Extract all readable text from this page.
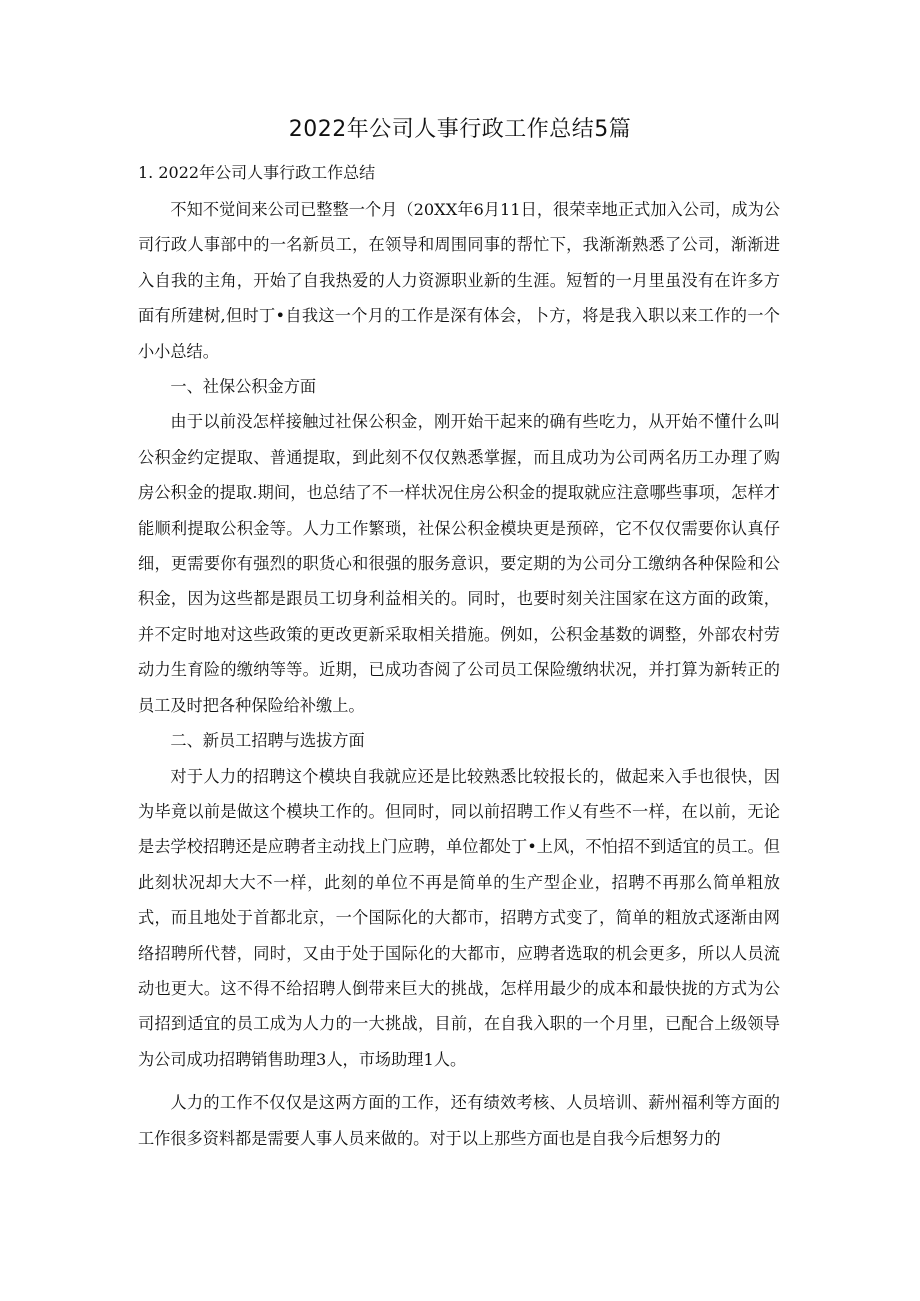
2022年公司人事行政工作总结5篇
1. 2022年公司人事行政工作总结

不知不觉间来公司已整整一个月（20XX年6月11日，很荣幸地正式加入公司，成为公司行政人事部中的一名新员工，在领导和周围同事的帮忙下，我渐渐熟悉了公司，渐渐进入自我的主角，开始了自我热爱的人力资源职业新的生涯。短暂的一月里虽没有在许多方面有所建树,但时丁•自我这一个月的工作是深有体会，卜方，将是我入职以来工作的一个小小总结。

一、社保公积金方面

由于以前没怎样接触过社保公积金，刚开始干起来的确有些吃力，从开始不懂什么叫公积金约定提取、普通提取，到此刻不仅仅熟悉掌握，而且成功为公司两名历工办理了购房公积金的提取.期间，也总结了不一样状况住房公积金的提取就应注意哪些事项，怎样才能顺利提取公积金等。人力工作繁琐，社保公积金模块更是预碎，它不仅仅需要你认真仔细，更需要你有强烈的职货心和很强的服务意识，要定期的为公司分工缴纳各种保险和公积金，因为这些都是跟员工切身利益相关的。同时，也要时刻关注国家在这方面的政策，并不定时地对这些政策的更改更新采取相关措施。例如，公积金基数的调整，外部农村劳动力生育险的缴纳等等。近期，已成功杳阅了公司员工保险缴纳状况，并打算为新转正的员工及时把各种保险给补缴上。

二、新员工招聘与选拔方面

对于人力的招聘这个模块自我就应还是比较熟悉比较报长的，做起来入手也很快，因为毕竟以前是做这个模块工作的。但同时，同以前招聘工作乂有些不一样，在以前，无论是去学校招聘还是应聘者主动找上门应聘，单位都处丁•上风，不怕招不到适宜的员工。但此刻状况却大大不一样，此刻的单位不再是简单的生产型企业，招聘不再那么简单粗放式，而且地处于首都北京，一个国际化的大都市，招聘方式变了，简单的粗放式逐渐由网络招聘所代替，同时，又由于处于国际化的大都市，应聘者选取的机会更多，所以人员流动也更大。这不得不给招聘人倒带来巨大的挑战，怎样用最少的成本和最快拢的方式为公司招到适宜的员工成为人力的一大挑战，目前，在自我入职的一个月里，已配合上级领导为公司成功招聘销售助理3人，市场助理1人。

人力的工作不仅仅是这两方面的工作，还有绩效考核、人员培训、薪州福利等方面的工作很多资料都是需要人事人员来做的。对于以上那些方面也是自我今后想努力的
